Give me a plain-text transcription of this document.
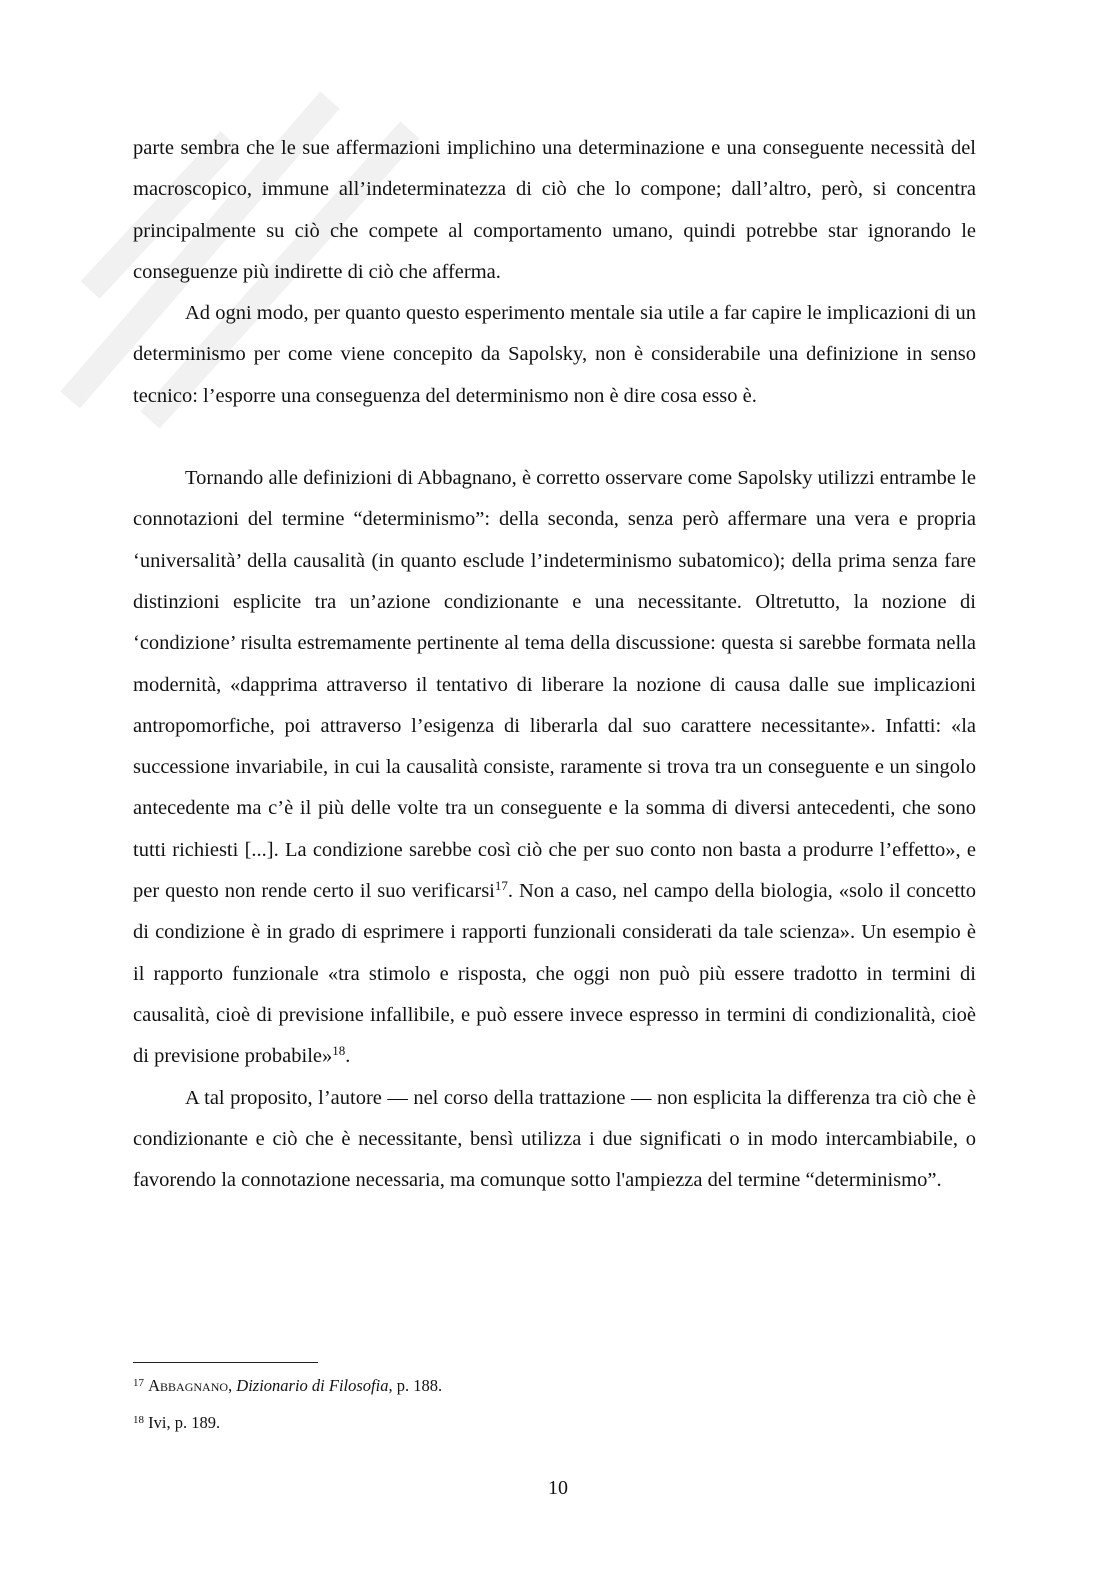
parte sembra che le sue affermazioni implichino una determinazione e una conseguente necessità del macroscopico, immune all’indeterminatezza di ciò che lo compone; dall’altro, però, si concentra principalmente su ciò che compete al comportamento umano, quindi potrebbe star ignorando le conseguenze più indirette di ciò che afferma.

Ad ogni modo, per quanto questo esperimento mentale sia utile a far capire le implicazioni di un determinismo per come viene concepito da Sapolsky, non è considerabile una definizione in senso tecnico: l’esporre una conseguenza del determinismo non è dire cosa esso è.

Tornando alle definizioni di Abbagnano, è corretto osservare come Sapolsky utilizzi entrambe le connotazioni del termine “determinismo”: della seconda, senza però affermare una vera e propria ‘universalità’ della causalità (in quanto esclude l’indeterminismo subatomico); della prima senza fare distinzioni esplicite tra un’azione condizionante e una necessitante. Oltretutto, la nozione di ‘condizione’ risulta estremamente pertinente al tema della discussione: questa si sarebbe formata nella modernità, «dapprima attraverso il tentativo di liberare la nozione di causa dalle sue implicazioni antropomorfiche, poi attraverso l’esigenza di liberarla dal suo carattere necessitante». Infatti: «la successione invariabile, in cui la causalità consiste, raramente si trova tra un conseguente e un singolo antecedente ma c’è il più delle volte tra un conseguente e la somma di diversi antecedenti, che sono tutti richiesti [...]. La condizione sarebbe così ciò che per suo conto non basta a produrre l’effetto», e per questo non rende certo il suo verificarsi$^{17}$. Non a caso, nel campo della biologia, «solo il concetto di condizione è in grado di esprimere i rapporti funzionali considerati da tale scienza». Un esempio è il rapporto funzionale «tra stimolo e risposta, che oggi non può più essere tradotto in termini di causalità, cioè di previsione infallibile, e può essere invece espresso in termini di condizionalità, cioè di previsione probabile»$^{18}$.

A tal proposito, l’autore — nel corso della trattazione — non esplicita la differenza tra ciò che è condizionante e ciò che è necessitante, bensì utilizza i due significati o in modo intercambiabile, o favorendo la connotazione necessaria, ma comunque sotto l'ampiezza del termine “determinismo”.

$^{17}$ Abbagnano, Dizionario di Filosofia, p. 188.

$^{18}$ Ivi, p. 189.

10
